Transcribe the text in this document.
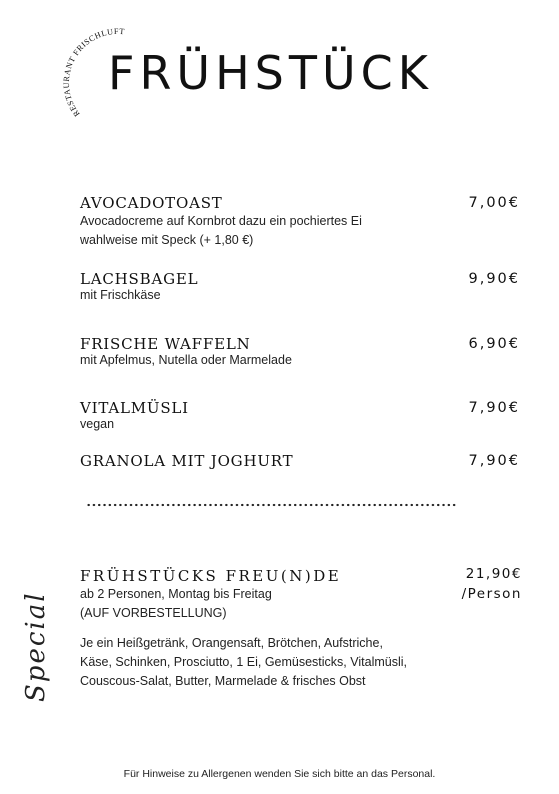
RESTAURANT FRISCHLUFT
FRÜHSTÜCK
AVOCADOTOAST
Avocadocreme auf Kornbrot dazu ein pochiertes Ei
wahlweise mit Speck (+ 1,80 €)
7,00€
LACHSBAGEL
mit Frischkäse
9,90€
FRISCHE WAFFELN
mit Apfelmus, Nutella oder Marmelade
6,90€
VITALMÜSLI
vegan
7,90€
GRANOLA MIT JOGHURT	7,90€
Special
FRÜHSTÜCKS FREU(N)DE
ab 2 Personen, Montag bis Freitag
(AUF VORBESTELLUNG)
21,90€
/Person
Je ein Heißgetränk, Orangensaft, Brötchen, Aufstriche,
Käse, Schinken, Prosciutto, 1 Ei, Gemüsesticks, Vitalmüsli,
Couscous-Salat, Butter, Marmelade & frisches Obst
Für Hinweise zu Allergenen wenden Sie sich bitte an das Personal.
